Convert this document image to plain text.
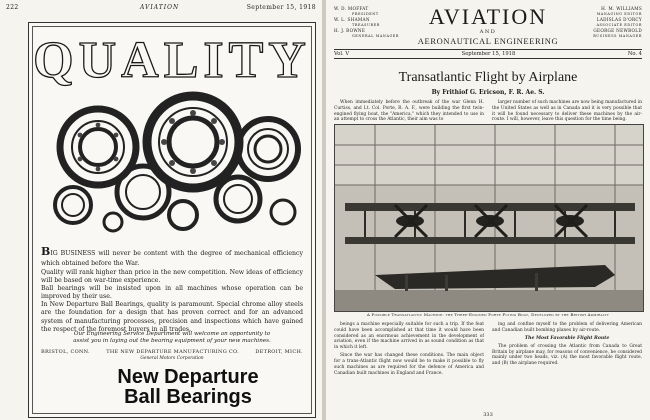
222	AVIATION	September 15, 1918
QUALITY
BIG BUSINESS will never be content with the degree of mechanical efficiency which obtained before the War.
Quality will rank higher than price in the new competition. New ideas of efficiency will be based on war-time experience.
Ball bearings will be insisted upon in all machines whose operation can be improved by their use.
In New Departure Ball Bearings, quality is paramount. Special chrome alloy steels are the foundation for a design that has proven correct and for an advanced system of manufacturing processes, precision and inspections which have gained the respect of the foremost buyers in all trades.
Our Engineering Service Department will welcome an opportunity to
assist you in laying out the bearing equipment of your new machines.
BRISTOL, CONN.	THE NEW DEPARTURE MANUFACTURING CO.	DETROIT, MICH.
General Motors Corporation
New Departure
Ball Bearings
W. D. MOFFAT
PRESIDENT
W. L. SHAMAN
TREASURER
H. J. BOWNE
GENERAL MANAGER
AVIATION
AND
AERONAUTICAL ENGINEERING
H. M. WILLIAMS
MANAGING EDITOR
LADISLAS D'ORCY
ASSOCIATE EDITOR
GEORGE NEWBOLD
BUSINESS MANAGER
Vol. V	September 15, 1918	No. 4
Transatlantic Flight by Airplane
By Frithiof G. Ericson, F. R. Ae. S.

When immediately before the outbreak of the war Glenn H. Curtiss, and Lt. Col. Porte, R. A. F., were building the first twin-engined flying boat, the "America," which they intended to use in an attempt to cross the Atlantic, their aim was to

larger number of such machines are now being manufactured in the United States as well as in Canada and it is very possible that it will be found necessary to deliver these machines by the air-route. I will, however, leave this question for the time being.

A Possible Transatlantic Machine: the Three-Engined Porte Flying Boat, Developed by the British Admiralty

beings a machine especially suitable for such a trip. If the feat could have been accomplished at that time it would have been considered as an enormous achievement in the development of aviation, even if the machine arrived in as sound condition as that in which it left.

Since the war has changed these conditions. The main object for a trans-Atlantic flight now would be to make it possible to fly such machines as are required for the defence of America and Canadian built machines in England and France.

ing and confine myself to the problem of delivering American and Canadian built bombing planes by air-route.

The Most Favorable Flight Route

The problem of crossing the Atlantic from Canada to Great Britain by airplane may, for reasons of convenience, be considered mainly under two heads, viz. (A) the most favorable flight route, and (B) the airplane required.

333
